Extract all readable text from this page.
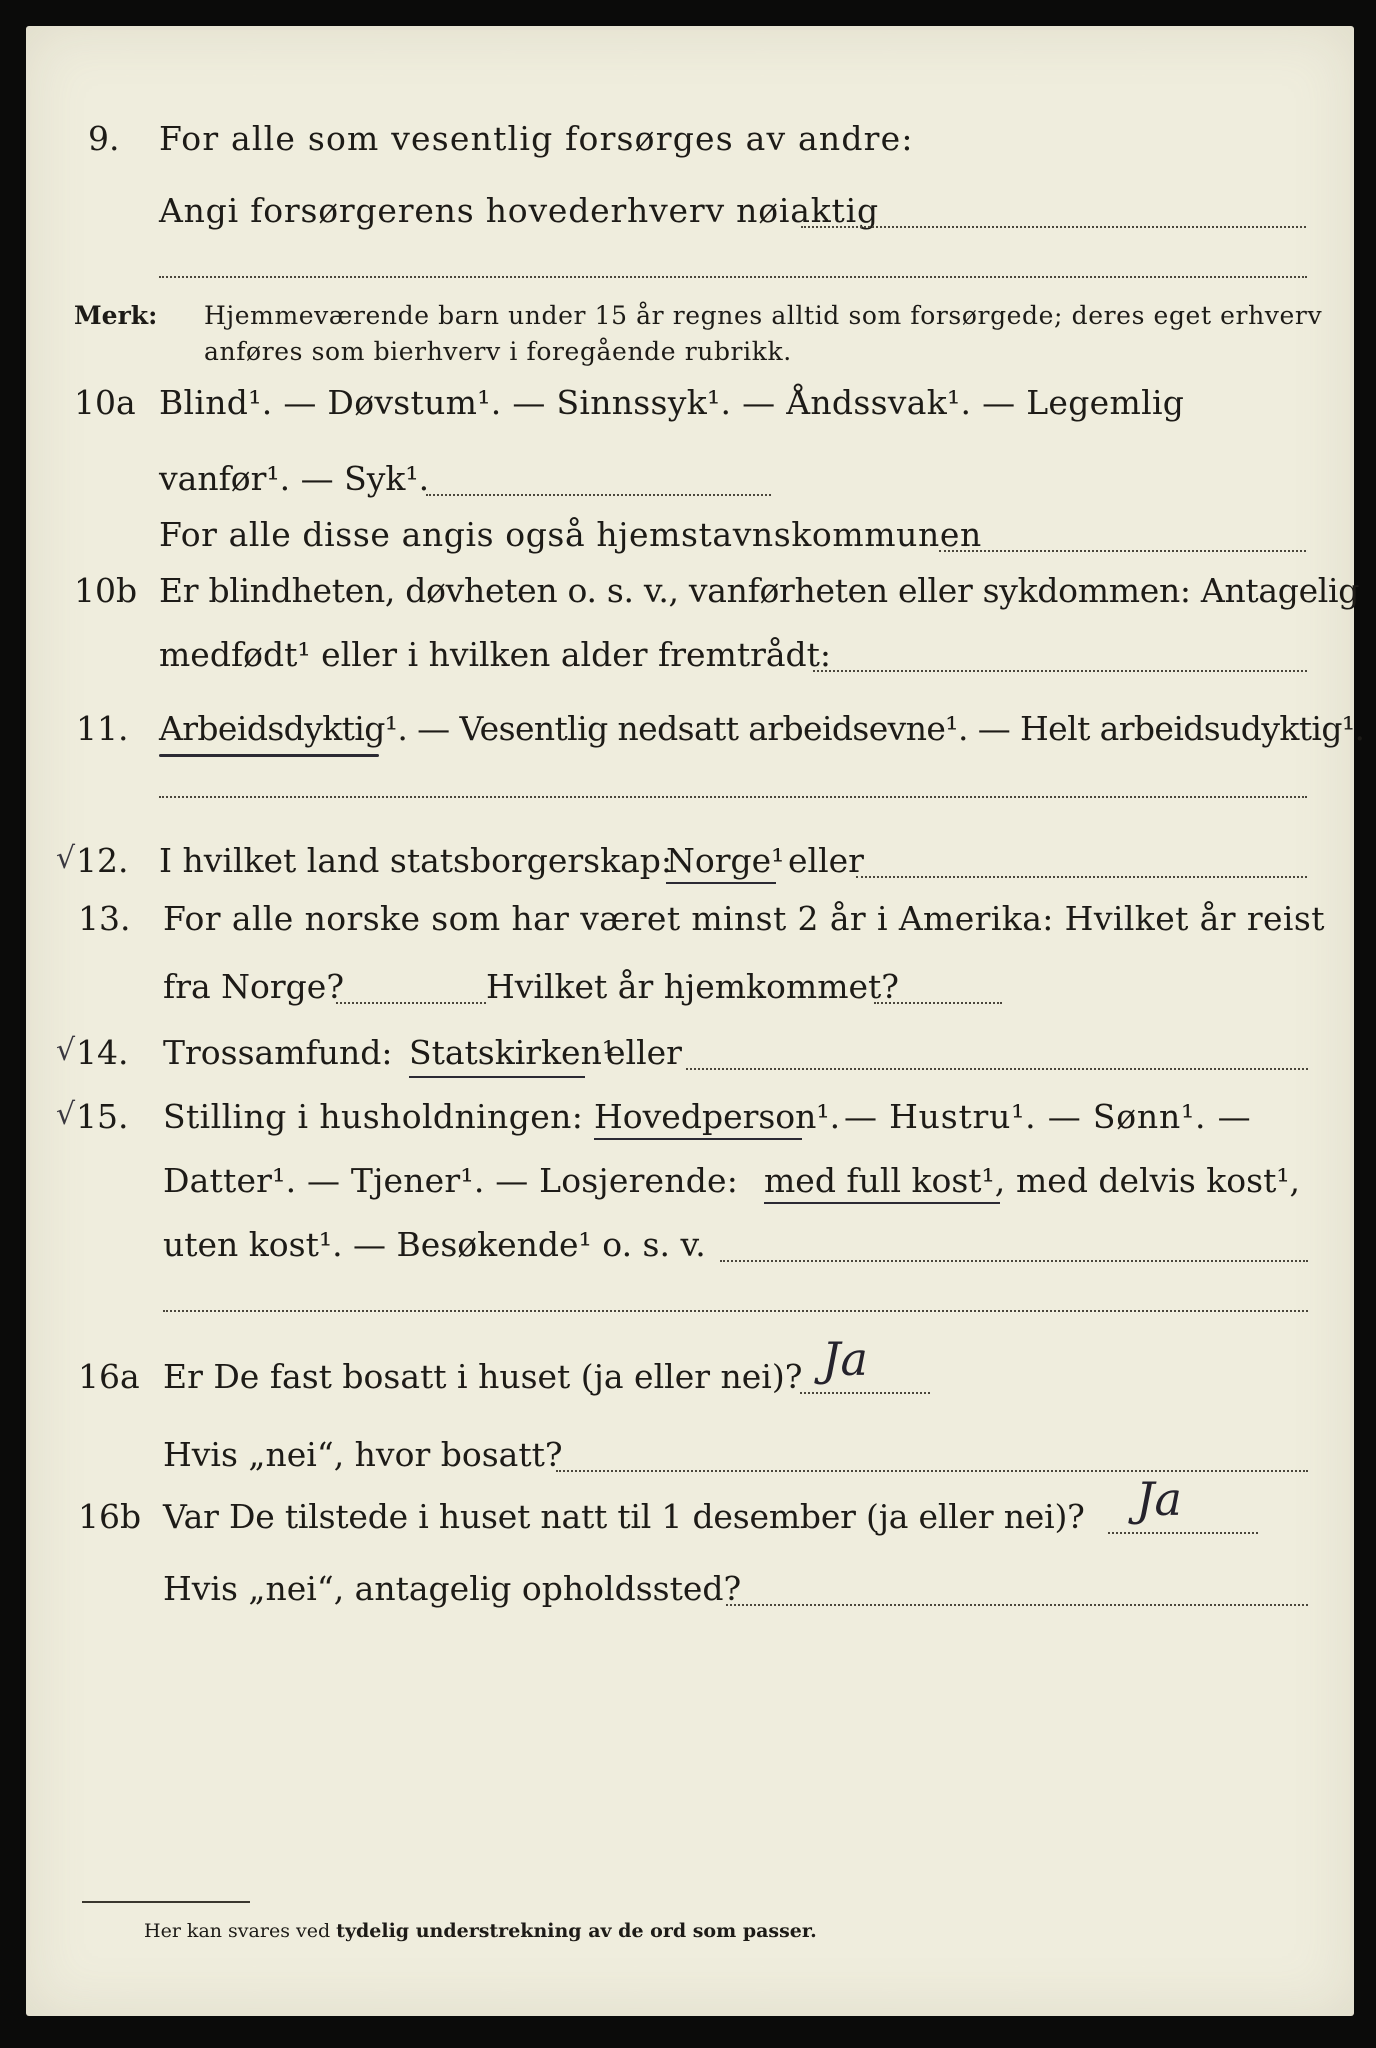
9. For alle som vesentlig forsørges av andre:
Angi forsørgerens hovederhverv nøiaktig
Merk: Hjemmeværende barn under 15 år regnes alltid som forsørgede; deres eget erhverv
anføres som bierhverv i foregående rubrikk.
10a Blind¹. — Døvstum¹. — Sinnssyk¹. — Åndssvak¹. — Legemlig
vanfør¹. — Syk¹.
For alle disse angis også hjemstavnskommunen
10b Er blindheten, døvheten o. s. v., vanførheten eller sykdommen: Antagelig
medfødt¹ eller i hvilken alder fremtrådt:
11. Arbeidsdyktig¹. — Vesentlig nedsatt arbeidsevne¹. — Helt arbeidsudyktig¹.
√ 12. I hvilket land statsborgerskap:
Norge¹ eller
13. For alle norske som har været minst 2 år i Amerika: Hvilket år reist
fra Norge?	Hvilket år hjemkommet?
√ 14. Trossamfund: Statskirken¹
eller
√ 15. Stilling i husholdningen: Hovedperson¹. — Hustru¹. — Sønn¹. —
Datter¹. — Tjener¹. — Losjerende: med full kost¹, med delvis kost¹,
uten kost¹. — Besøkende¹ o. s. v.
16a Er De fast bosatt i huset (ja eller nei)? Ja
Hvis „nei“, hvor bosatt?
16b Var De tilstede i huset natt til 1 desember (ja eller nei)? Ja
Hvis „nei“, antagelig opholdssted?
Her kan svares ved tydelig understrekning av de ord som passer.
